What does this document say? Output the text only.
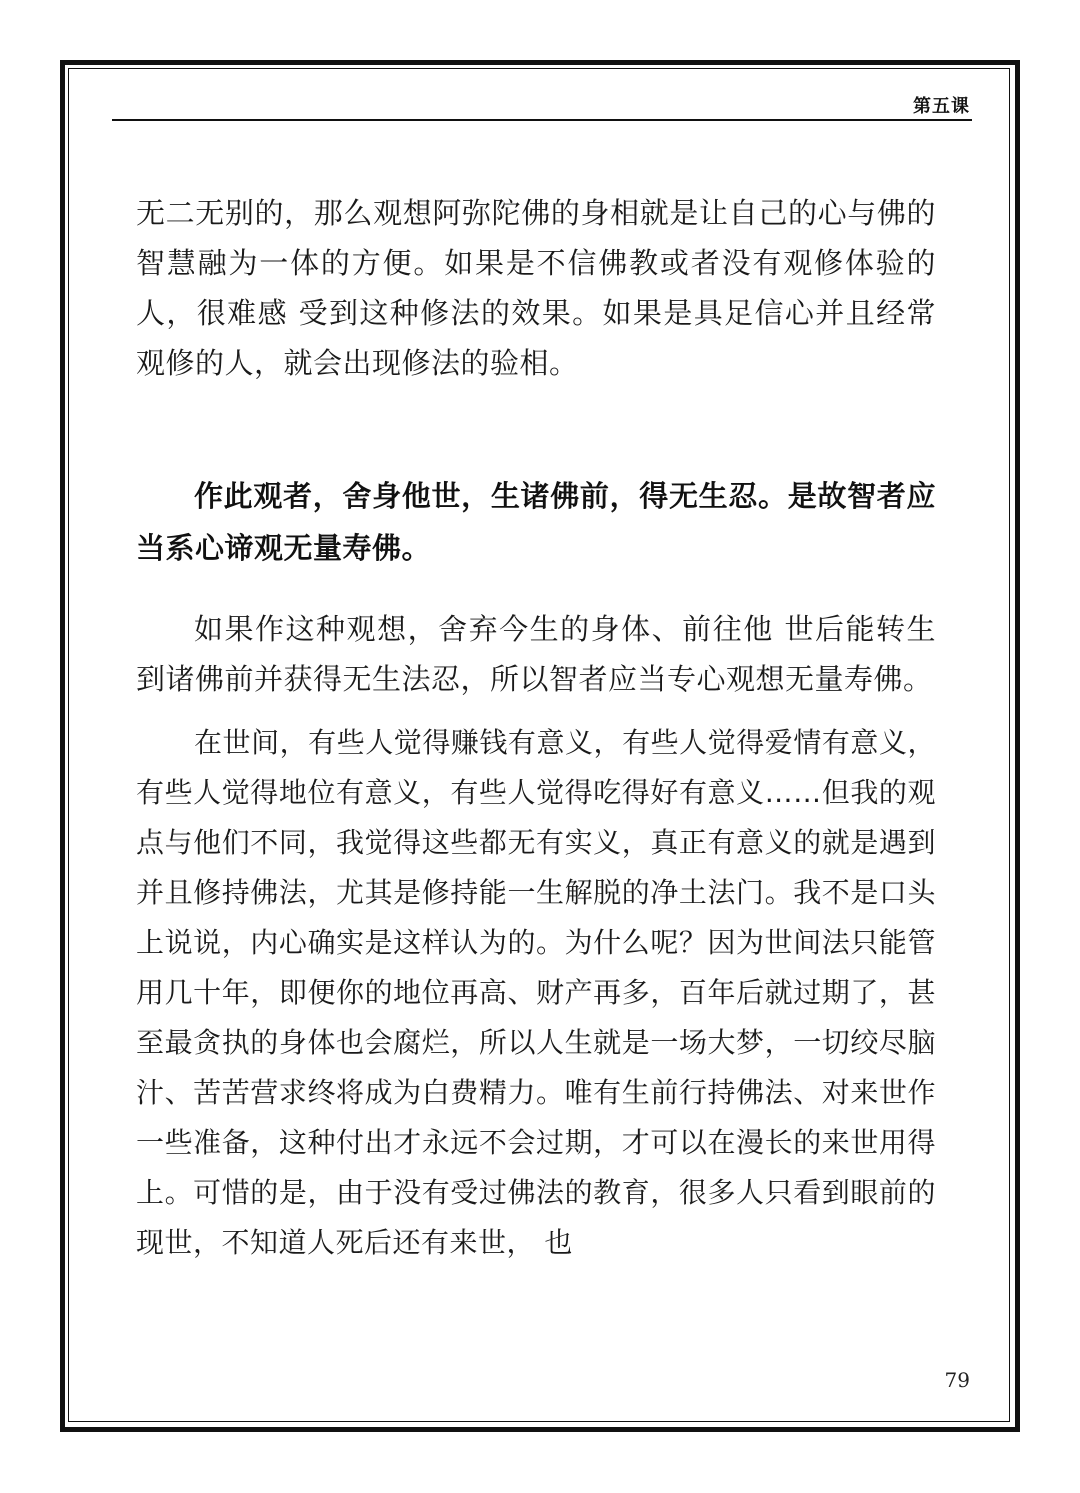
第五课

无二无别的，那么观想阿弥陀佛的身相就是让自己的心与佛的智慧融为一体的方便。如果是不信佛教或者没有观修体验的人，很难感 受到这种修法的效果。如果是具足信心并且经常 观修的人，就会出现修法的验相。

作此观者，舍身他世，生诸佛前，得无生忍。是故智者应当系心谛观无量寿佛。

如果作这种观想，舍弃今生的身体、前往他 世后能转生到诸佛前并获得无生法忍，所以智者应当专心观想无量寿佛。

在世间，有些人觉得赚钱有意义，有些人觉得爱情有意义，有些人觉得地位有意义，有些人觉得吃得好有意义……但我的观点与他们不同，我觉得这些都无有实义，真正有意义的就是遇到并且修持佛法，尤其是修持能一生解脱的净土法门。我不是口头上说说，内心确实是这样认为的。为什么呢？因为世间法只能管用几十年，即便你的地位再高、财产再多，百年后就过期了，甚至最贪执的身体也会腐烂，所以人生就是一场大梦，一切绞尽脑汁、苦苦营求终将成为白费精力。唯有生前行持佛法、对来世作一些准备，这种付出才永远不会过期，才可以在漫长的来世用得上。可惜的是，由于没有受过佛法的教育，很多人只看到眼前的现世，不知道人死后还有来世， 也

79
